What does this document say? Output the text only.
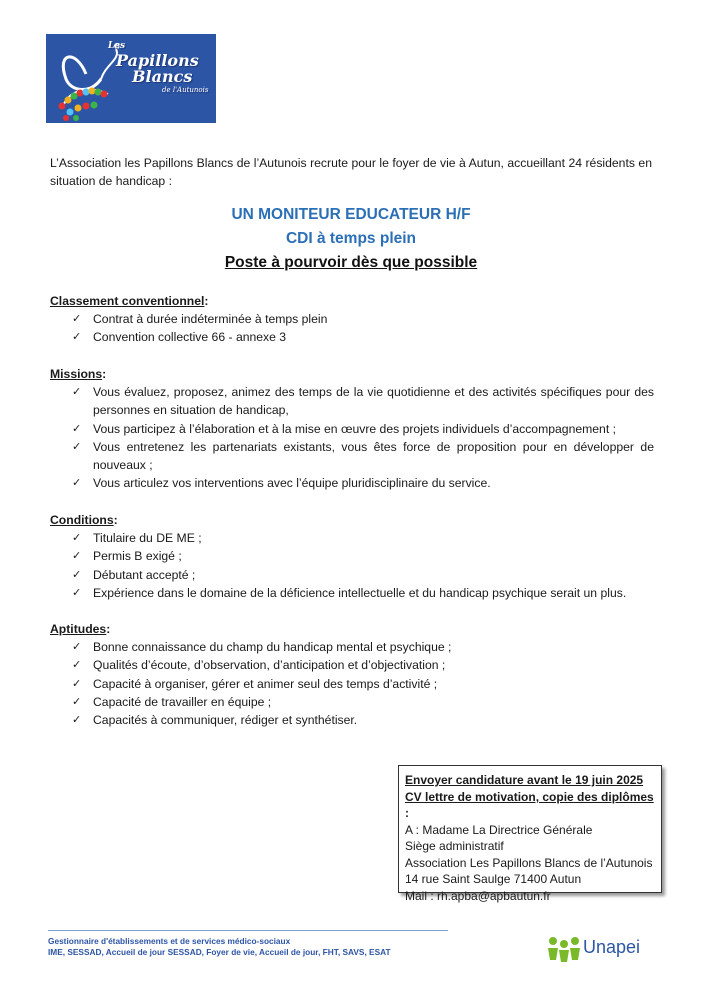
Les
Papillons
Blancs
de l'Autunois
L’Association les Papillons Blancs de l’Autunois recrute pour le foyer de vie à Autun, accueillant 24 résidents en situation de handicap :
UN MONITEUR EDUCATEUR H/F
CDI à temps plein
Poste à pourvoir dès que possible
Classement conventionnel:
✓ Contrat à durée indéterminée à temps plein
✓ Convention collective 66 - annexe 3
Missions:
✓ Vous évaluez, proposez, animez des temps de la vie quotidienne et des activités spécifiques pour des personnes en situation de handicap,
✓ Vous participez à l’élaboration et à la mise en œuvre des projets individuels d’accompagnement ;
✓ Vous entretenez les partenariats existants, vous êtes force de proposition pour en développer de nouveaux ;
✓ Vous articulez vos interventions avec l’équipe pluridisciplinaire du service.
Conditions:
✓ Titulaire du DE ME ;
✓ Permis B exigé ;
✓ Débutant accepté ;
✓ Expérience dans le domaine de la déficience intellectuelle et du handicap psychique serait un plus.
Aptitudes:
✓ Bonne connaissance du champ du handicap mental et psychique ;
✓ Qualités d’écoute, d’observation, d’anticipation et d’objectivation ;
✓ Capacité à organiser, gérer et animer seul des temps d’activité ;
✓ Capacité de travailler en équipe ;
✓ Capacités à communiquer, rédiger et synthétiser.
Envoyer candidature avant le 19 juin 2025
CV lettre de motivation, copie des diplômes :
A : Madame La Directrice Générale
Siège administratif
Association Les Papillons Blancs de l’Autunois
14 rue Saint Saulge 71400 Autun
Mail : rh.apba@apbautun.fr
Gestionnaire d'établissements et de services médico-sociaux
IME, SESSAD, Accueil de jour SESSAD, Foyer de vie, Accueil de jour, FHT, SAVS, ESAT	Unapei
